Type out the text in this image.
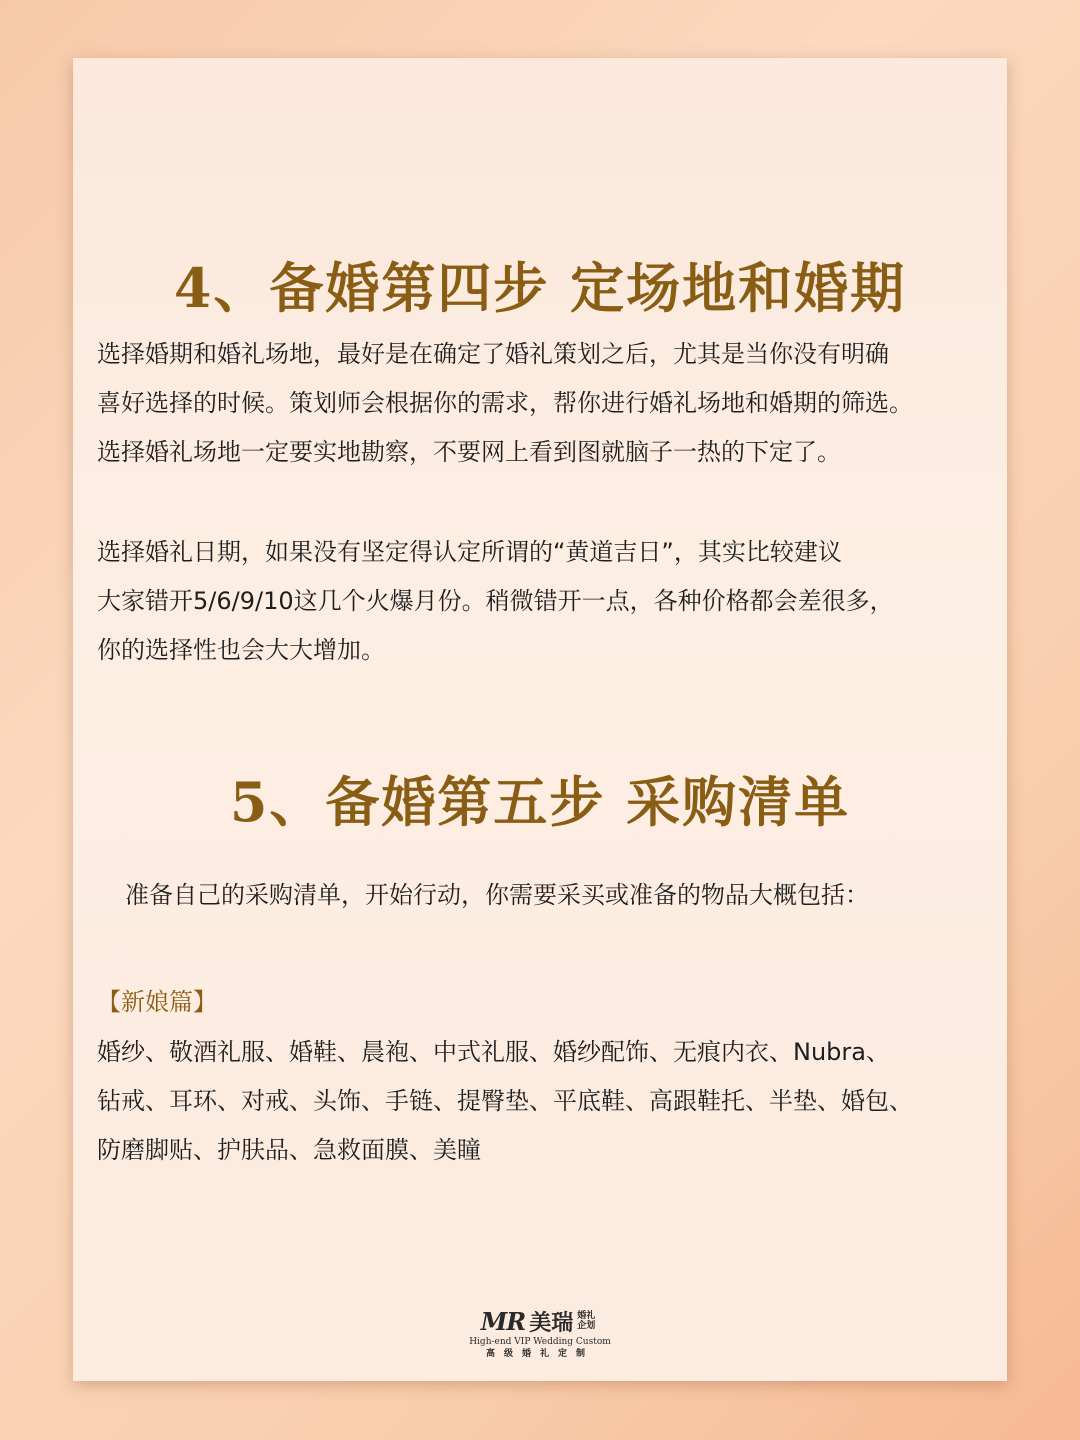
4、备婚第四步 定场地和婚期
选择婚期和婚礼场地，最好是在确定了婚礼策划之后，尤其是当你没有明确
喜好选择的时候。策划师会根据你的需求，帮你进行婚礼场地和婚期的筛选。
选择婚礼场地一定要实地勘察，不要网上看到图就脑子一热的下定了。
选择婚礼日期，如果没有坚定得认定所谓的“黄道吉日”，其实比较建议
大家错开5/6/9/10这几个火爆月份。稍微错开一点，各种价格都会差很多，
你的选择性也会大大增加。
5、备婚第五步 采购清单
准备自己的采购清单，开始行动，你需要采买或准备的物品大概包括：
【新娘篇】
婚纱、敬酒礼服、婚鞋、晨袍、中式礼服、婚纱配饰、无痕内衣、Nubra、
钻戒、耳环、对戒、头饰、手链、提臀垫、平底鞋、高跟鞋托、半垫、婚包、
防磨脚贴、护肤品、急救面膜、美瞳
MR 美瑞 婚礼
企划
High-end VIP Wedding Custom
高级婚礼定制
